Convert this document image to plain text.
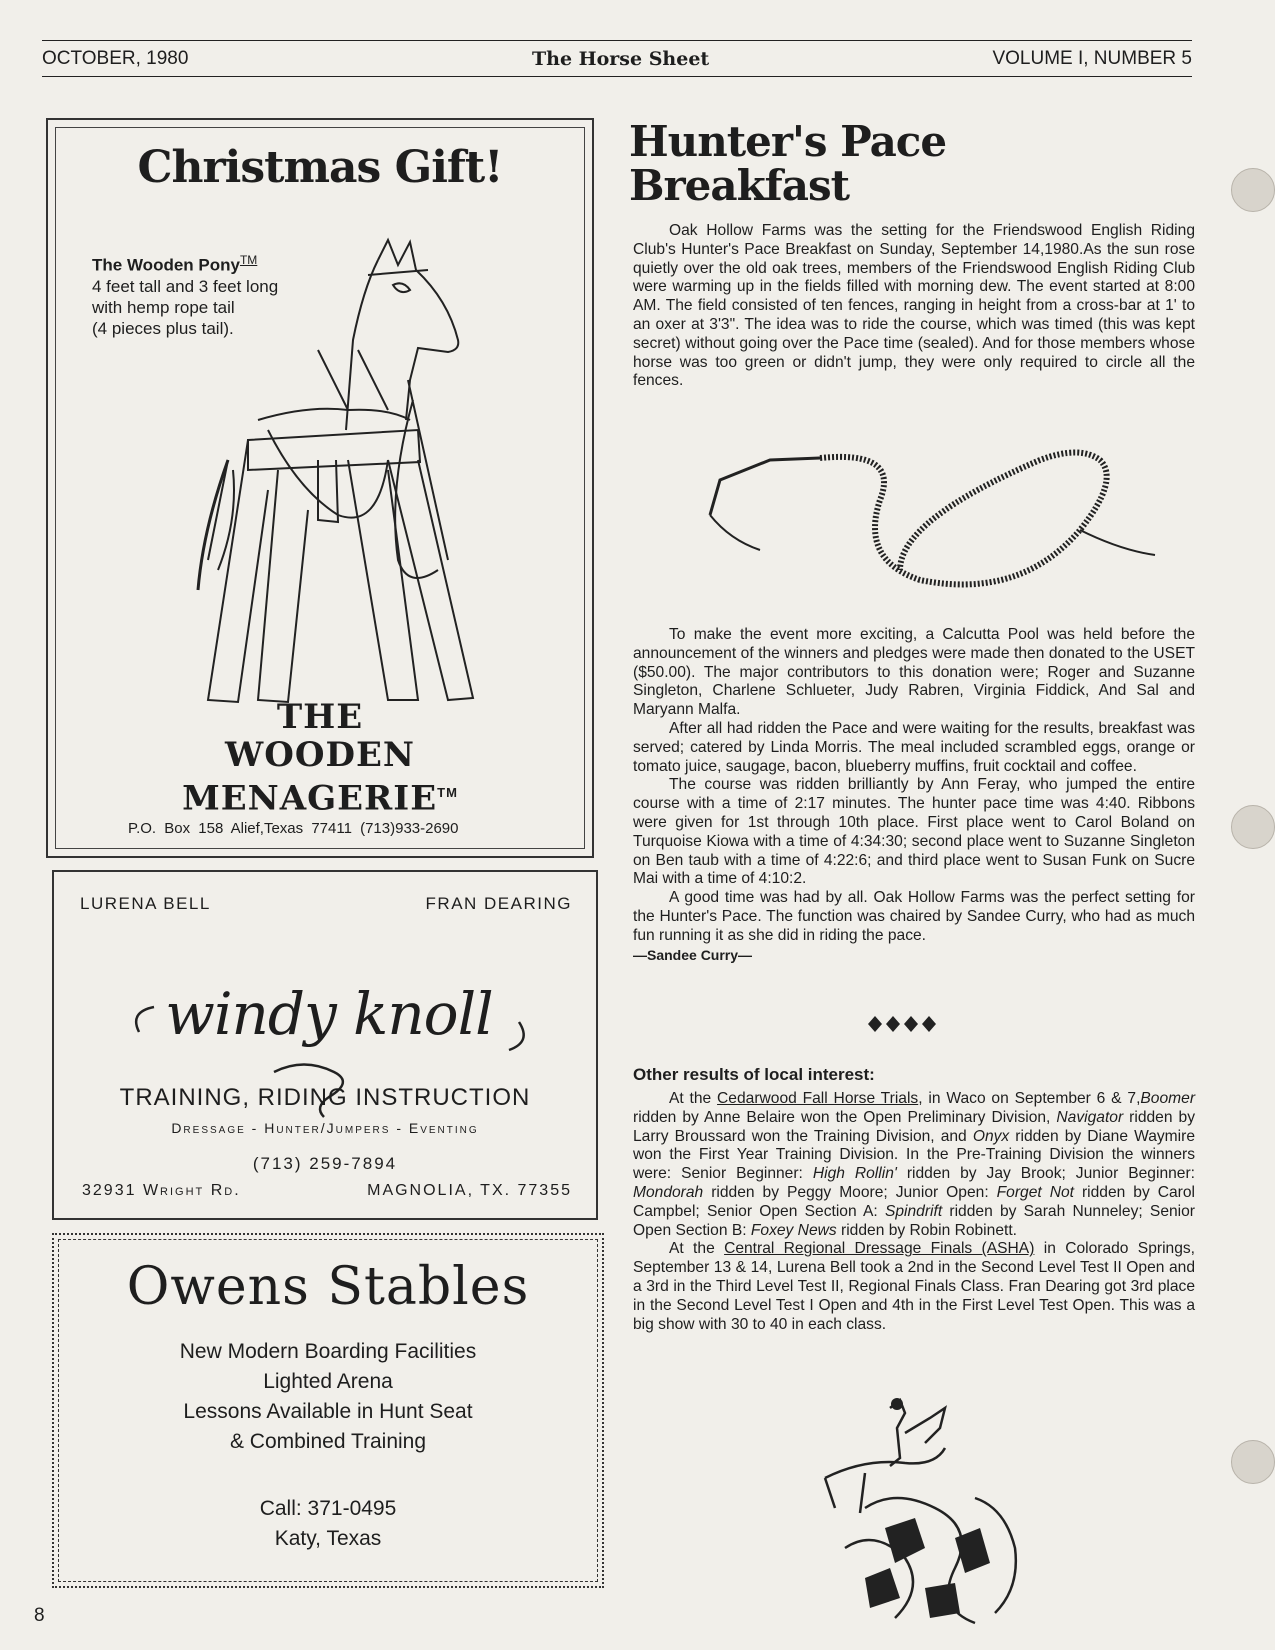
OCTOBER, 1980	The Horse Sheet	VOLUME I, NUMBER 5
Christmas Gift!
The Wooden Pony™
4 feet tall and 3 feet long
with hemp rope tail
(4 pieces plus tail).
THE
WOODEN
MENAGERIE™
P.O. Box 158 Alief,Texas 77411 (713)933-2690
LURENA BELL	FRAN DEARING
windy knoll
TRAINING, RIDING INSTRUCTION
Dressage - Hunter/Jumpers - Eventing
(713) 259-7894
32931 Wright Rd.	MAGNOLIA, TX. 77355
Owens Stables
New Modern Boarding Facilities
Lighted Arena
Lessons Available in Hunt Seat
& Combined Training
Call: 371-0495
Katy, Texas
8
Hunter's Pace
Breakfast

Oak Hollow Farms was the setting for the Friendswood English Riding Club's Hunter's Pace Breakfast on Sunday, September 14,1980.As the sun rose quietly over the old oak trees, members of the Friendswood English Riding Club were warming up in the fields filled with morning dew. The event started at 8:00 AM. The field consisted of ten fences, ranging in height from a cross-bar at 1' to an oxer at 3'3". The idea was to ride the course, which was timed (this was kept secret) without going over the Pace time (sealed). And for those members whose horse was too green or didn't jump, they were only required to circle all the fences.

To make the event more exciting, a Calcutta Pool was held before the announcement of the winners and pledges were made then donated to the USET ($50.00). The major contributors to this donation were; Roger and Suzanne Singleton, Charlene Schlueter, Judy Rabren, Virginia Fiddick, And Sal and Maryann Malfa.

After all had ridden the Pace and were waiting for the results, breakfast was served; catered by Linda Morris. The meal included scrambled eggs, orange or tomato juice, saugage, bacon, blueberry muffins, fruit cocktail and coffee.

The course was ridden brilliantly by Ann Feray, who jumped the entire course with a time of 2:17 minutes. The hunter pace time was 4:40. Ribbons were given for 1st through 10th place. First place went to Carol Boland on Turquoise Kiowa with a time of 4:34:30; second place went to Suzanne Singleton on Ben taub with a time of 4:22:6; and third place went to Susan Funk on Sucre Mai with a time of 4:10:2.

A good time was had by all. Oak Hollow Farms was the perfect setting for the Hunter's Pace. The function was chaired by Sandee Curry, who had as much fun running it as she did in riding the pace.

—Sandee Curry—

Other results of local interest:

At the Cedarwood Fall Horse Trials, in Waco on September 6 & 7,Boomer ridden by Anne Belaire won the Open Preliminary Division, Navigator ridden by Larry Broussard won the Training Division, and Onyx ridden by Diane Waymire won the First Year Training Division. In the Pre-Training Division the winners were: Senior Beginner: High Rollin' ridden by Jay Brook; Junior Beginner: Mondorah ridden by Peggy Moore; Junior Open: Forget Not ridden by Carol Campbel; Senior Open Section A: Spindrift ridden by Sarah Nunneley; Senior Open Section B: Foxey News ridden by Robin Robinett.

At the Central Regional Dressage Finals (ASHA) in Colorado Springs, September 13 & 14, Lurena Bell took a 2nd in the Second Level Test II Open and a 3rd in the Third Level Test II, Regional Finals Class. Fran Dearing got 3rd place in the Second Level Test I Open and 4th in the First Level Test Open. This was a big show with 30 to 40 in each class.
